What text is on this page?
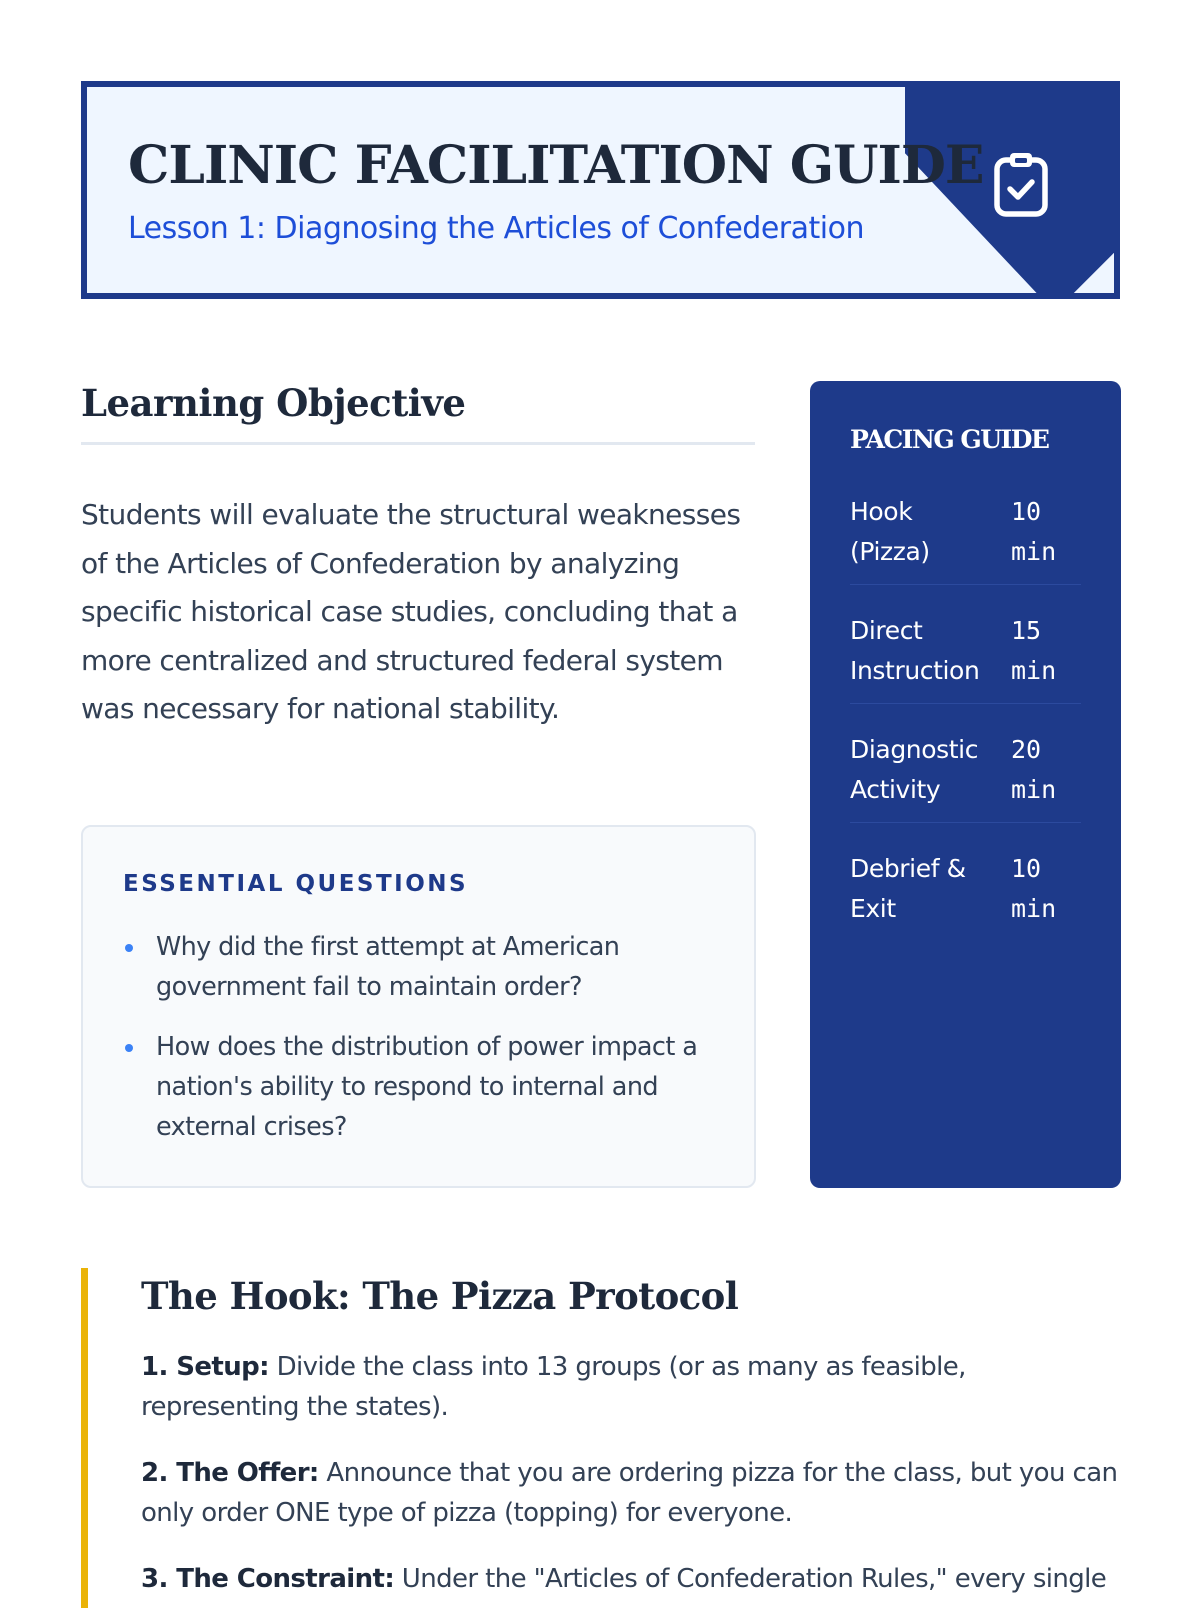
CLINIC FACILITATION GUIDE
Lesson 1: Diagnosing the Articles of Confederation
Learning Objective

Students will evaluate the structural weaknesses of the Articles of Confederation by analyzing specific historical case studies, concluding that a more centralized and structured federal system was necessary for national stability.

ESSENTIAL QUESTIONS
Why did the first attempt at American government fail to maintain order?
How does the distribution of power impact a nation's ability to respond to internal and external crises?
PACING GUIDE
Hook (Pizza)
10 min
Direct Instruction
15 min
Diagnostic Activity
20 min
Debrief & Exit
10 min
The Hook: The Pizza Protocol

1. Setup: Divide the class into 13 groups (or as many as feasible, representing the states).

2. The Offer: Announce that you are ordering pizza for the class, but you can only order ONE type of pizza (topping) for everyone.

3. The Constraint: Under the "Articles of Confederation Rules," every single
